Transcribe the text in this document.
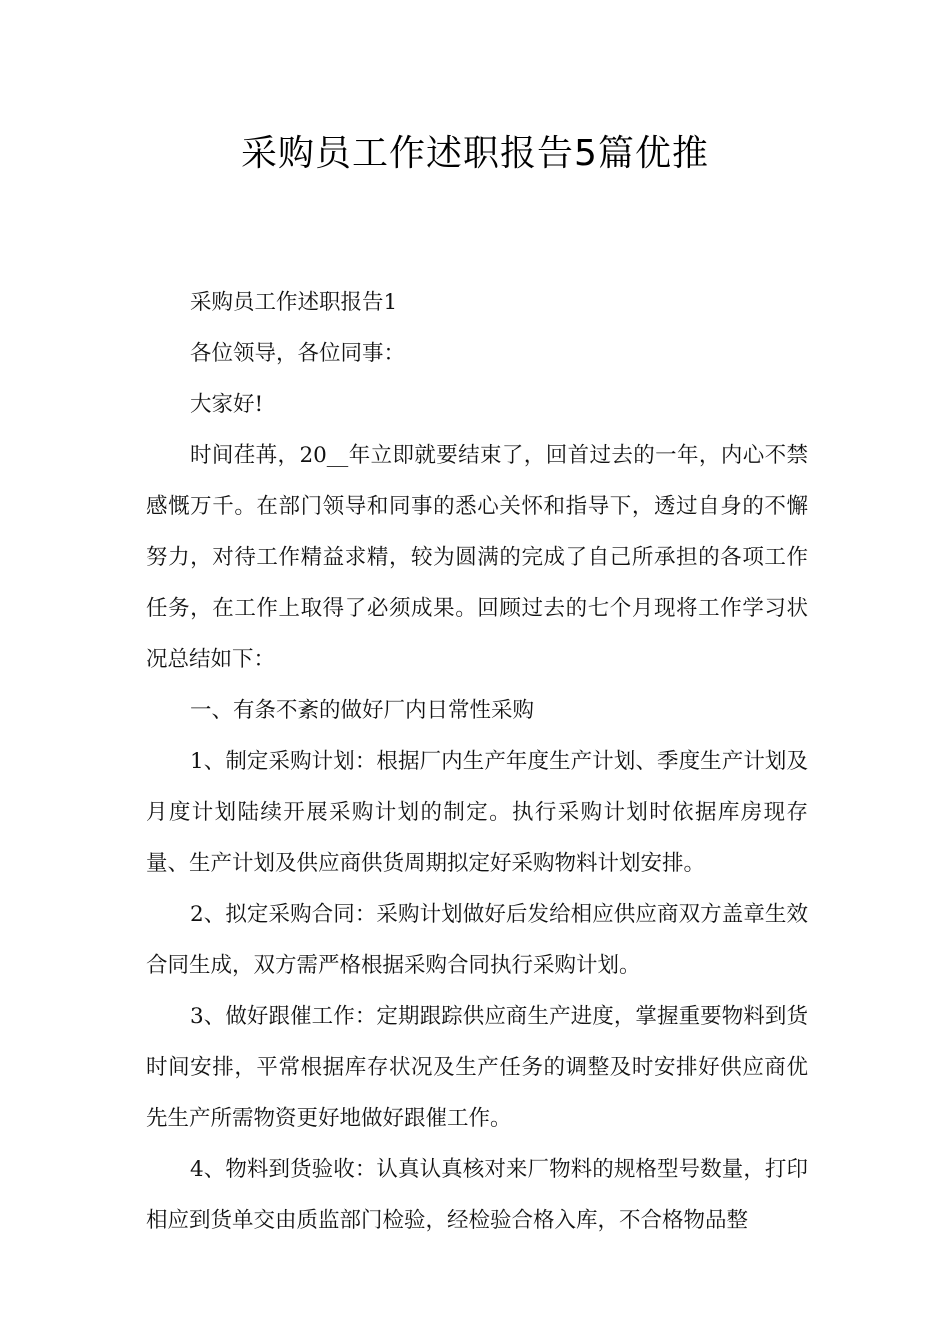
采购员工作述职报告5篇优推

采购员工作述职报告1

各位领导，各位同事：

大家好!

时间荏苒，20__年立即就要结束了，回首过去的一年，内心不禁感慨万千。在部门领导和同事的悉心关怀和指导下，透过自身的不懈努力，对待工作精益求精，较为圆满的完成了自己所承担的各项工作任务，在工作上取得了必须成果。回顾过去的七个月现将工作学习状况总结如下：

一、有条不紊的做好厂内日常性采购

1、制定采购计划：根据厂内生产年度生产计划、季度生产计划及月度计划陆续开展采购计划的制定。执行采购计划时依据库房现存量、生产计划及供应商供货周期拟定好采购物料计划安排。

2、拟定采购合同：采购计划做好后发给相应供应商双方盖章生效合同生成，双方需严格根据采购合同执行采购计划。

3、做好跟催工作：定期跟踪供应商生产进度，掌握重要物料到货时间安排，平常根据库存状况及生产任务的调整及时安排好供应商优先生产所需物资更好地做好跟催工作。

4、物料到货验收：认真认真核对来厂物料的规格型号数量，打印相应到货单交由质监部门检验，经检验合格入库，不合格物品整
